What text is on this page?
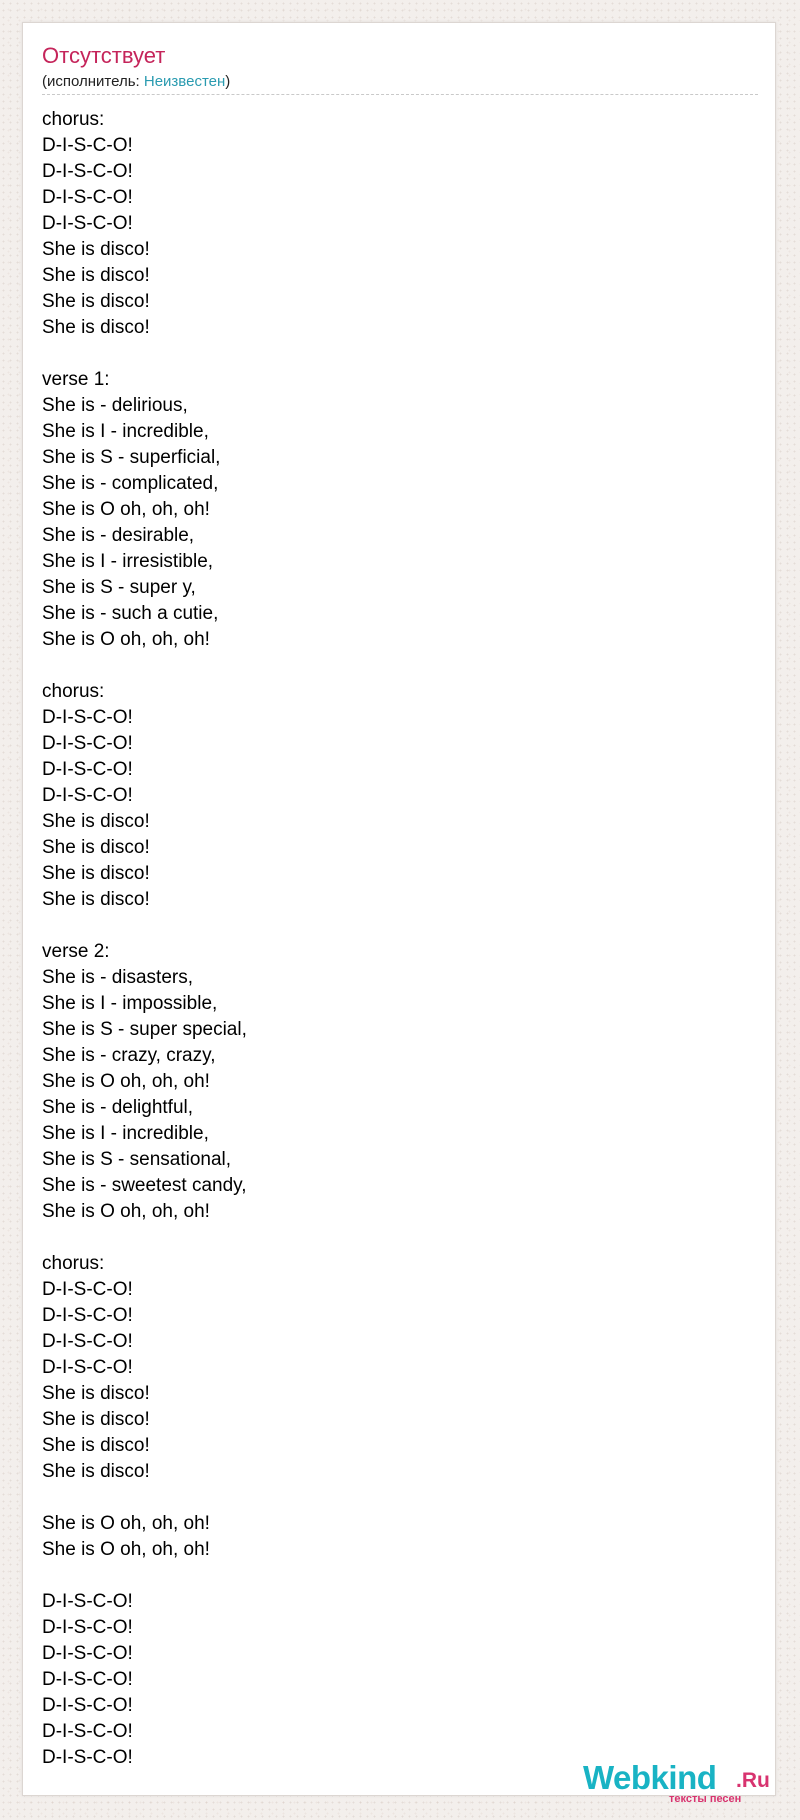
Отсутствует
(исполнитель: Неизвестен)
chorus:
D-I-S-C-O!
D-I-S-C-O!
D-I-S-C-O!
D-I-S-C-O!
She is disco!
She is disco!
She is disco!
She is disco!

verse 1:
She is - delirious,
She is I - incredible,
She is S - superficial,
She is - complicated,
She is O oh, oh, oh!
She is - desirable,
She is I - irresistible,
She is S - super y,
She is - such a cutie,
She is O oh, oh, oh!

chorus:
D-I-S-C-O!
D-I-S-C-O!
D-I-S-C-O!
D-I-S-C-O!
She is disco!
She is disco!
She is disco!
She is disco!

verse 2:
She is - disasters,
She is I - impossible,
She is S - super special,
She is - crazy, crazy,
She is O oh, oh, oh!
She is - delightful,
She is I - incredible,
She is S - sensational,
She is - sweetest candy,
She is O oh, oh, oh!

chorus:
D-I-S-C-O!
D-I-S-C-O!
D-I-S-C-O!
D-I-S-C-O!
She is disco!
She is disco!
She is disco!
She is disco!

She is O oh, oh, oh!
She is O oh, oh, oh!

D-I-S-C-O!
D-I-S-C-O!
D-I-S-C-O!
D-I-S-C-O!
D-I-S-C-O!
D-I-S-C-O!
D-I-S-C-O!
Webkind .Ru
тексты песен
